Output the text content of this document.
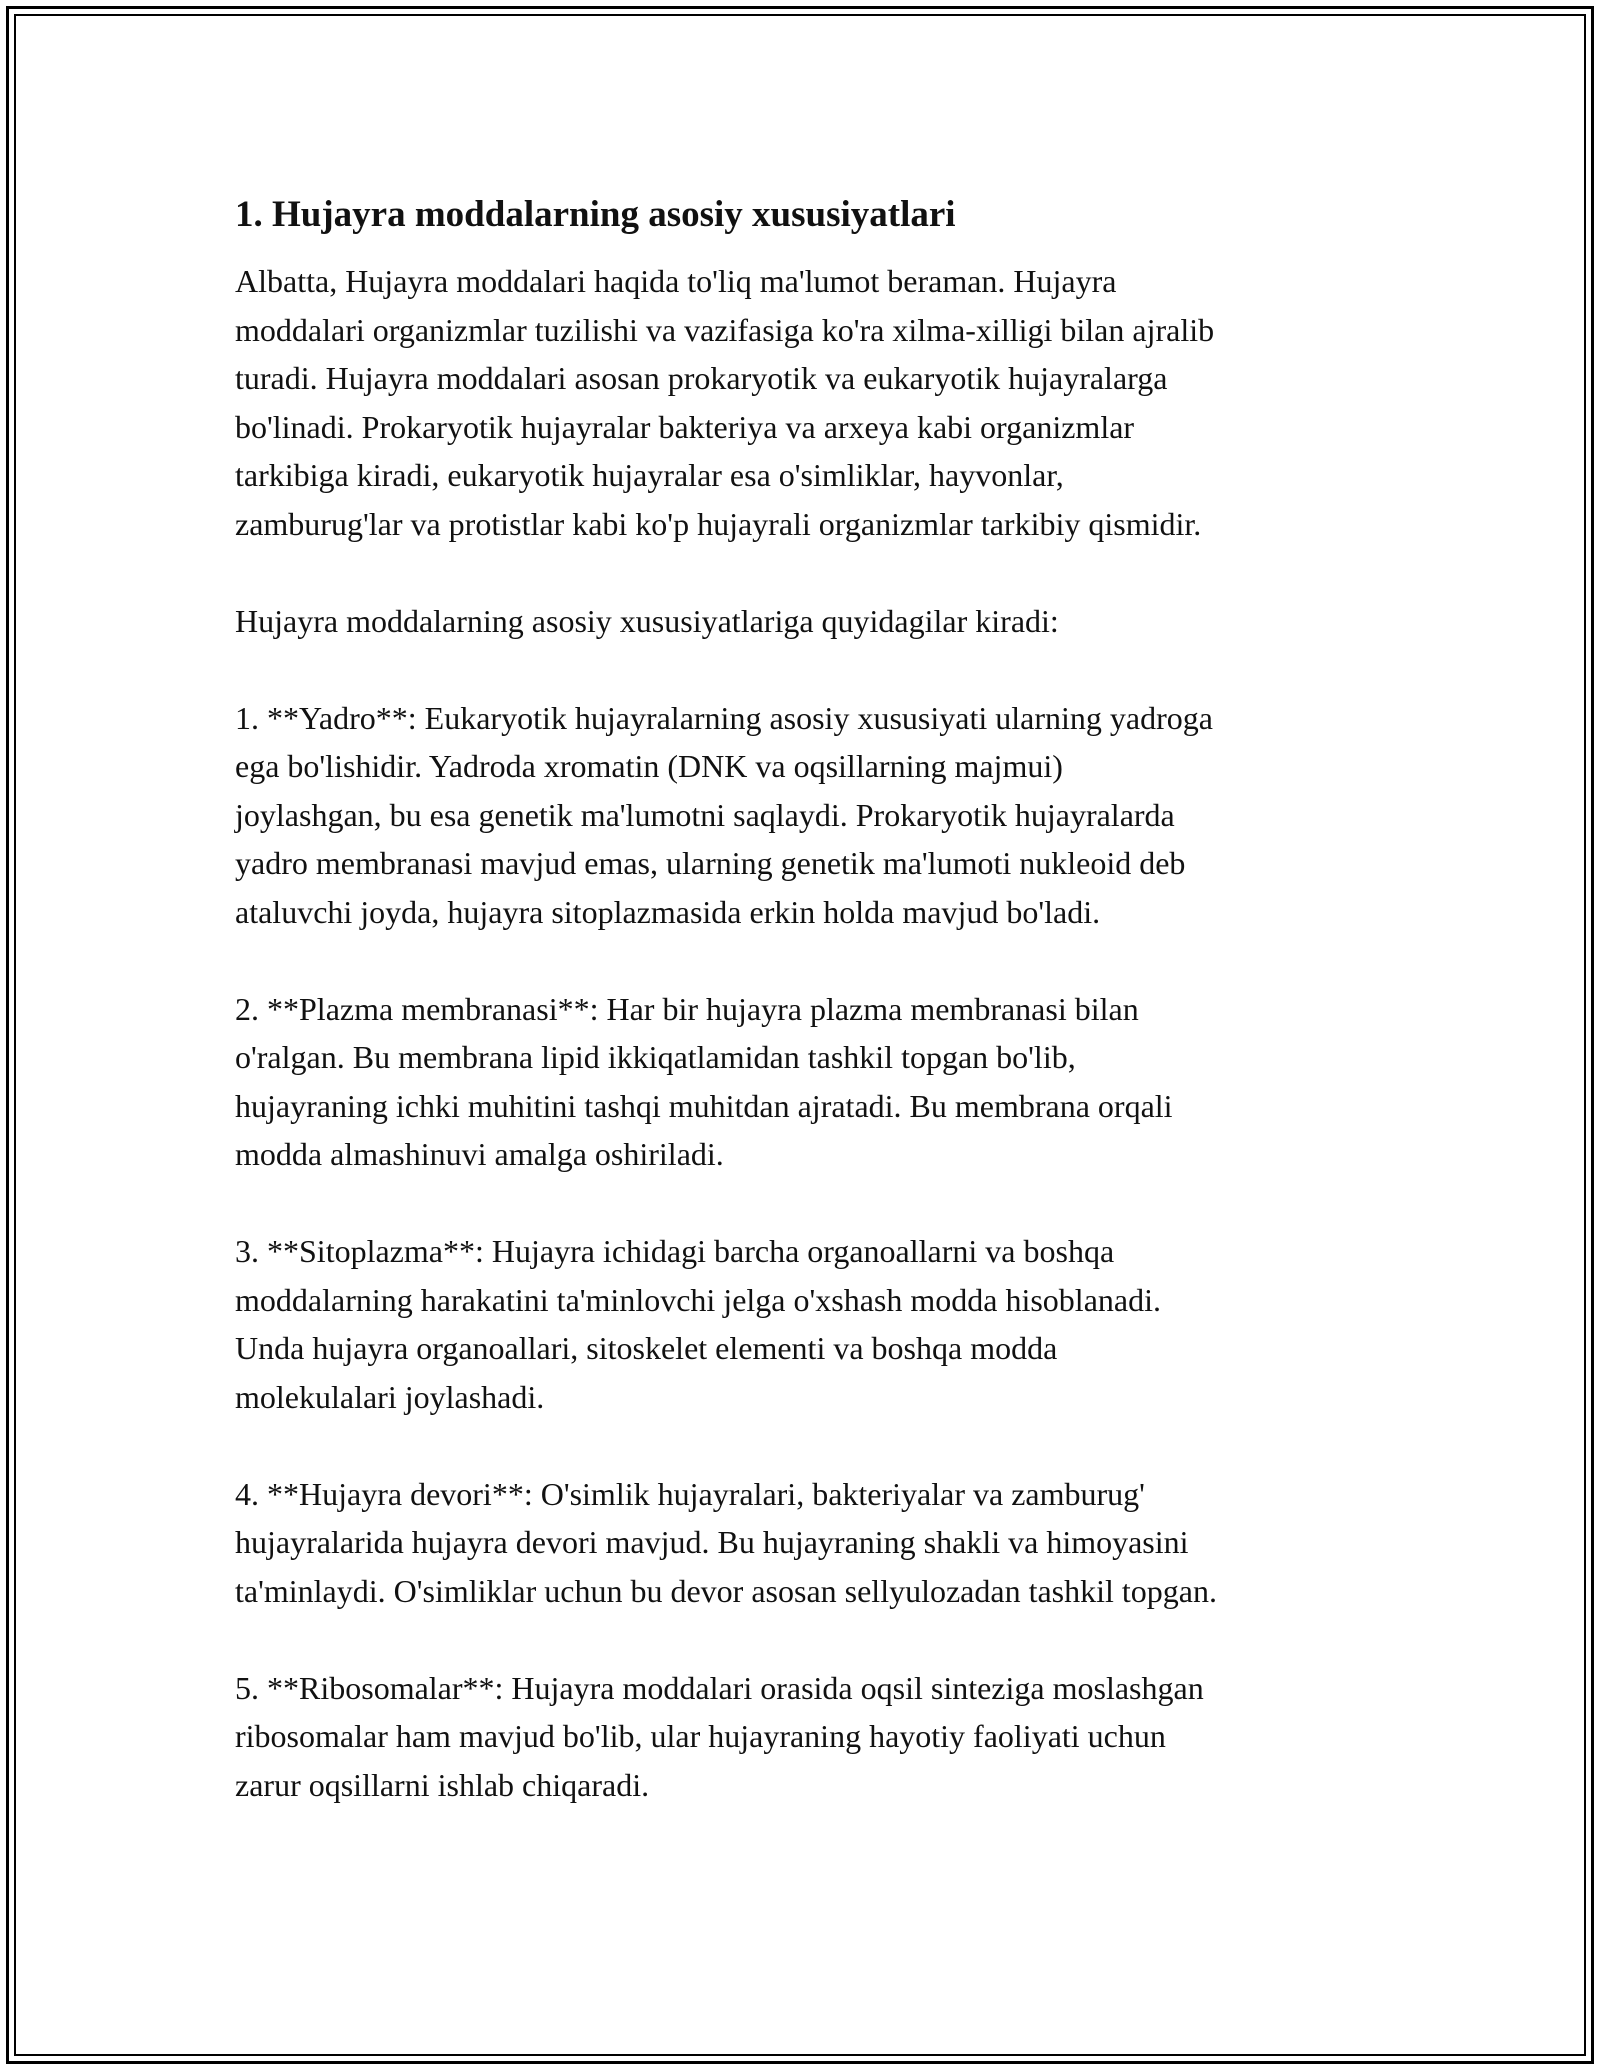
1. Hujayra moddalarning asosiy xususiyatlari

Albatta, Hujayra moddalari haqida to'liq ma'lumot beraman. Hujayra
moddalari organizmlar tuzilishi va vazifasiga ko'ra xilma-xilligi bilan ajralib
turadi. Hujayra moddalari asosan prokaryotik va eukaryotik hujayralarga
bo'linadi. Prokaryotik hujayralar bakteriya va arxeya kabi organizmlar
tarkibiga kiradi, eukaryotik hujayralar esa o'simliklar, hayvonlar,
zamburug'lar va protistlar kabi ko'p hujayrali organizmlar tarkibiy qismidir.

Hujayra moddalarning asosiy xususiyatlariga quyidagilar kiradi:

1. **Yadro**: Eukaryotik hujayralarning asosiy xususiyati ularning yadroga
ega bo'lishidir. Yadroda xromatin (DNK va oqsillarning majmui)
joylashgan, bu esa genetik ma'lumotni saqlaydi. Prokaryotik hujayralarda
yadro membranasi mavjud emas, ularning genetik ma'lumoti nukleoid deb
ataluvchi joyda, hujayra sitoplazmasida erkin holda mavjud bo'ladi.

2. **Plazma membranasi**: Har bir hujayra plazma membranasi bilan
o'ralgan. Bu membrana lipid ikkiqatlamidan tashkil topgan bo'lib,
hujayraning ichki muhitini tashqi muhitdan ajratadi. Bu membrana orqali
modda almashinuvi amalga oshiriladi.

3. **Sitoplazma**: Hujayra ichidagi barcha organoallarni va boshqa
moddalarning harakatini ta'minlovchi jelga o'xshash modda hisoblanadi.
Unda hujayra organoallari, sitoskelet elementi va boshqa modda
molekulalari joylashadi.

4. **Hujayra devori**: O'simlik hujayralari, bakteriyalar va zamburug'
hujayralarida hujayra devori mavjud. Bu hujayraning shakli va himoyasini
ta'minlaydi. O'simliklar uchun bu devor asosan sellyulozadan tashkil topgan.

5. **Ribosomalar**: Hujayra moddalari orasida oqsil sinteziga moslashgan
ribosomalar ham mavjud bo'lib, ular hujayraning hayotiy faoliyati uchun
zarur oqsillarni ishlab chiqaradi.
